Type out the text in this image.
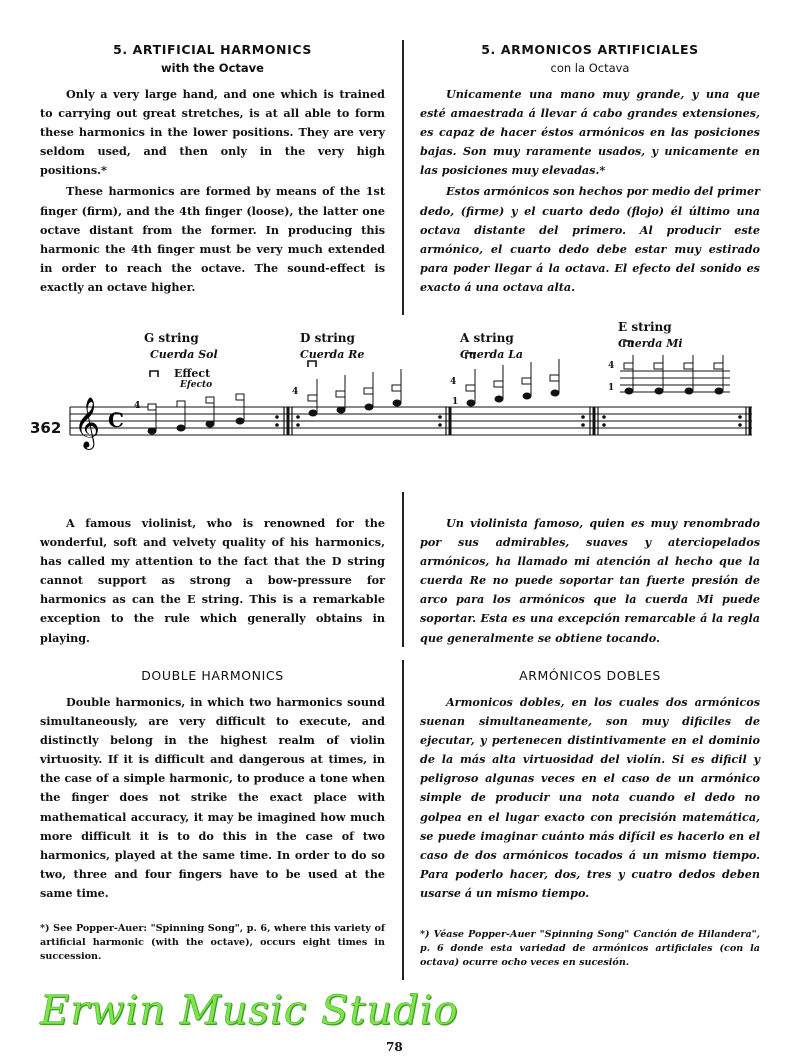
5. ARTIFICIAL HARMONICS
with the Octave

Only a very large hand, and one which is trained to carrying out great stretches, is at all able to form these harmonics in the lower positions. They are very seldom used, and then only in the very high positions.*

These harmonics are formed by means of the 1st finger (firm), and the 4th finger (loose), the latter one octave distant from the former. In producing this harmonic the 4th finger must be very much extended in order to reach the octave. The sound-effect is exactly an octave higher.

5. ARMONICOS ARTIFICIALES
con la Octava

Unicamente una mano muy grande, y una que esté amaestrada á llevar á cabo grandes extensiones, es capaz de hacer éstos armónicos en las posiciones bajas. Son muy raramente usados, y unicamente en las posiciones muy elevadas.*

Estos armónicos son hechos por medio del primer dedo, (firme) y el cuarto dedo (flojo) él último una octava distante del primero. Al producir este armónico, el cuarto dedo debe estar muy estirado para poder llegar á la octava. El efecto del sonido es exacto á una octava alta.

362
G string
Cuerda Sol
Effect
Efecto
D string
Cuerda Re
A string
Cuerda La
E string
Cuerda Mi
𝄞 C
4
4
4
1
4
1

A famous violinist, who is renowned for the wonderful, soft and velvety quality of his harmonics, has called my attention to the fact that the D string cannot support as strong a bow-pressure for harmonics as can the E string. This is a remarkable exception to the rule which generally obtains in playing.

Un violinista famoso, quien es muy renombrado por sus admirables, suaves y aterciopelados armónicos, ha llamado mi atención al hecho que la cuerda Re no puede soportar tan fuerte presión de arco para los armónicos que la cuerda Mi puede soportar. Esta es una excepción remarcable á la regla que generalmente se obtiene tocando.

DOUBLE HARMONICS

Double harmonics, in which two harmonics sound simultaneously, are very difficult to execute, and distinctly belong in the highest realm of violin virtuosity. If it is difficult and dangerous at times, in the case of a simple harmonic, to produce a tone when the finger does not strike the exact place with mathematical accuracy, it may be imagined how much more difficult it is to do this in the case of two harmonics, played at the same time. In order to do so two, three and four fingers have to be used at the same time.

ARMÓNICOS DOBLES

Armonicos dobles, en los cuales dos armónicos suenan simultaneamente, son muy dificiles de ejecutar, y pertenecen distintivamente en el dominio de la más alta virtuosidad del violín. Si es dificil y peligroso algunas veces en el caso de un armónico simple de producir una nota cuando el dedo no golpea en el lugar exacto con precisión matemática, se puede imaginar cuánto más difícil es hacerlo en el caso de dos armónicos tocados á un mismo tiempo. Para poderlo hacer, dos, tres y cuatro dedos deben usarse á un mismo tiempo.

*) See Popper-Auer: "Spinning Song", p. 6, where this variety of artificial harmonic (with the octave), occurs eight times in succession.

*) Véase Popper-Auer "Spinning Song" Canción de Hilandera", p. 6 donde esta variedad de armónicos artificiales (con la octava) ocurre ocho veces en sucesión.

Erwin Music Studio
78
